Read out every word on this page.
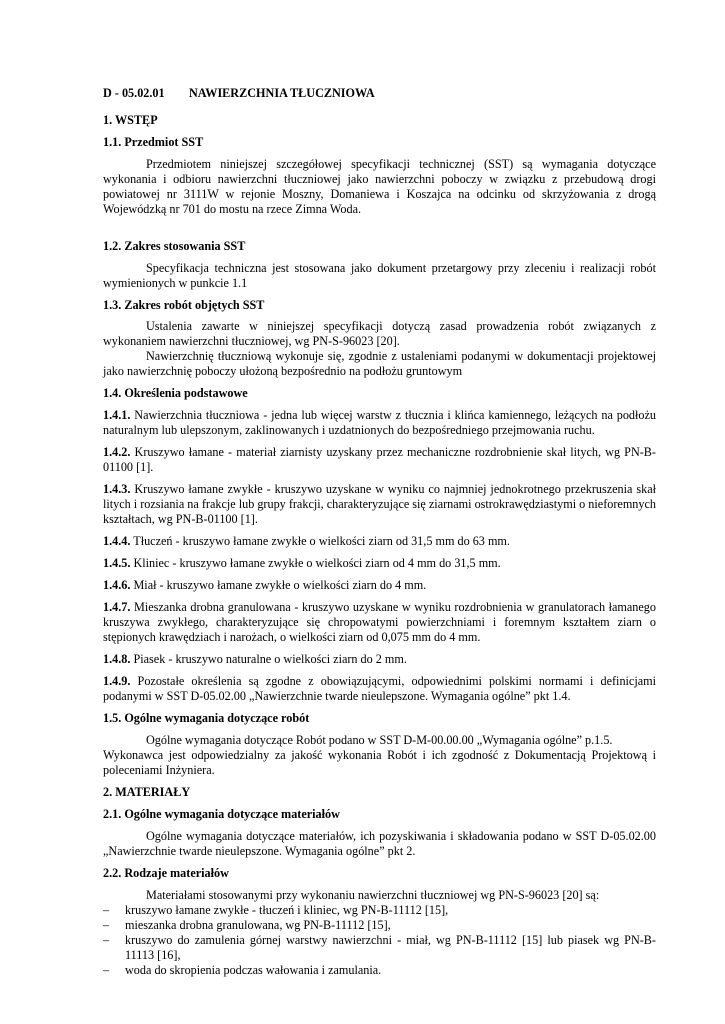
D - 05.02.01	NAWIERZCHNIA TŁUCZNIOWA
1. WSTĘP
1.1. Przedmiot SST

Przedmiotem niniejszej szczegółowej specyfikacji technicznej (SST) są wymagania dotyczące wykonania i odbioru nawierzchni tłuczniowej jako nawierzchni poboczy w związku z przebudową drogi powiatowej nr 3111W w rejonie Moszny, Domaniewa i Koszajca na odcinku od skrzyżowania z drogą Wojewódzką nr 701 do mostu na rzece Zimna Woda.

1.2. Zakres stosowania SST

Specyfikacja techniczna jest stosowana jako dokument przetargowy przy zleceniu i realizacji robót wymienionych w punkcie 1.1

1.3. Zakres robót objętych SST

Ustalenia zawarte w niniejszej specyfikacji dotyczą zasad prowadzenia robót związanych z wykonaniem nawierzchni tłuczniowej, wg PN-S-96023 [20].

Nawierzchnię tłuczniową wykonuje się, zgodnie z ustaleniami podanymi w dokumentacji projektowej jako nawierzchnię poboczy ułożoną bezpośrednio na podłożu gruntowym

1.4. Określenia podstawowe

1.4.1. Nawierzchnia tłuczniowa - jedna lub więcej warstw z tłucznia i klińca kamiennego, leżących na podłożu naturalnym lub ulepszonym, zaklinowanych i uzdatnionych do bezpośredniego przejmowania ruchu.

1.4.2. Kruszywo łamane - materiał ziarnisty uzyskany przez mechaniczne rozdrobnienie skał litych, wg PN-B-01100 [1].

1.4.3. Kruszywo łamane zwykłe - kruszywo uzyskane w wyniku co najmniej jednokrotnego przekruszenia skał litych i rozsiania na frakcje lub grupy frakcji, charakteryzujące się ziarnami ostrokrawędziastymi o nieforemnych kształtach, wg PN-B-01100 [1].

1.4.4. Tłuczeń - kruszywo łamane zwykłe o wielkości ziarn od 31,5 mm do 63 mm.

1.4.5. Kliniec - kruszywo łamane zwykłe o wielkości ziarn od 4 mm do 31,5 mm.

1.4.6. Miał - kruszywo łamane zwykłe o wielkości ziarn do 4 mm.

1.4.7. Mieszanka drobna granulowana - kruszywo uzyskane w wyniku rozdrobnienia w granulatorach łamanego kruszywa zwykłego, charakteryzujące się chropowatymi powierzchniami i foremnym kształtem ziarn o stępionych krawędziach i narożach, o wielkości ziarn od 0,075 mm do 4 mm.

1.4.8. Piasek - kruszywo naturalne o wielkości ziarn do 2 mm.

1.4.9. Pozostałe określenia są zgodne z obowiązującymi, odpowiednimi polskimi normami i definicjami podanymi w SST D-05.02.00 „Nawierzchnie twarde nieulepszone. Wymagania ogólne” pkt 1.4.

1.5. Ogólne wymagania dotyczące robót

Ogólne wymagania dotyczące Robót podano w SST D-M-00.00.00 „Wymagania ogólne” p.1.5.

Wykonawca jest odpowiedzialny za jakość wykonania Robót i ich zgodność z Dokumentacją Projektową i poleceniami Inżyniera.

2. MATERIAŁY
2.1. Ogólne wymagania dotyczące materiałów

Ogólne wymagania dotyczące materiałów, ich pozyskiwania i składowania podano w SST D-05.02.00 „Nawierzchnie twarde nieulepszone. Wymagania ogólne” pkt 2.

2.2. Rodzaje materiałów

Materiałami stosowanymi przy wykonaniu nawierzchni tłuczniowej wg PN-S-96023 [20] są:

– kruszywo łamane zwykłe - tłuczeń i kliniec, wg PN-B-11112 [15],
– mieszanka drobna granulowana, wg PN-B-11112 [15],
– kruszywo do zamulenia górnej warstwy nawierzchni - miał, wg PN-B-11112 [15] lub piasek wg PN-B-11113 [16],
– woda do skropienia podczas wałowania i zamulania.
